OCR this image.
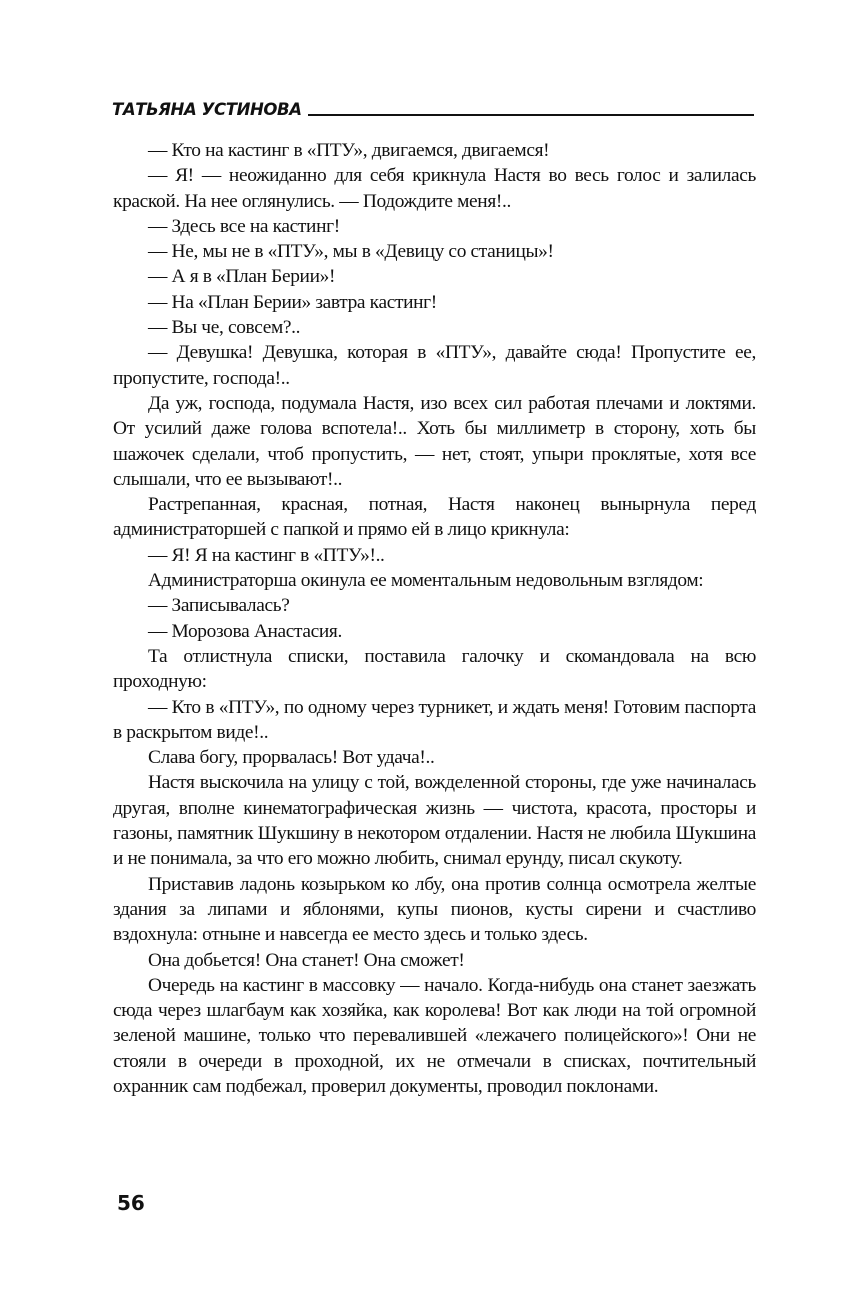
ТАТЬЯНА УСТИНОВА

— Кто на кастинг в «ПТУ», двигаемся, двигаемся!

— Я! — неожиданно для себя крикнула Настя во весь голос и залилась краской. На нее оглянулись. — Подождите меня!..

— Здесь все на кастинг!

— Не, мы не в «ПТУ», мы в «Девицу со станицы»!

— А я в «План Берии»!

— На «План Берии» завтра кастинг!

— Вы че, совсем?..

— Девушка! Девушка, которая в «ПТУ», давайте сюда! Пропустите ее, пропустите, господа!..

Да уж, господа, подумала Настя, изо всех сил работая плечами и локтями. От усилий даже голова вспотела!.. Хоть бы миллиметр в сторону, хоть бы шажочек сделали, чтоб пропустить, — нет, стоят, упыри проклятые, хотя все слышали, что ее вызывают!..

Растрепанная, красная, потная, Настя наконец вынырнула перед администраторшей с папкой и прямо ей в лицо крикнула:

— Я! Я на кастинг в «ПТУ»!..

Администраторша окинула ее моментальным недовольным взглядом:

— Записывалась?

— Морозова Анастасия.

Та отлистнула списки, поставила галочку и скомандовала на всю проходную:

— Кто в «ПТУ», по одному через турникет, и ждать меня! Готовим паспорта в раскрытом виде!..

Слава богу, прорвалась! Вот удача!..

Настя выскочила на улицу с той, вожделенной стороны, где уже начиналась другая, вполне кинематографическая жизнь — чистота, красота, просторы и газоны, памятник Шукшину в некотором отдалении. Настя не любила Шукшина и не понимала, за что его можно любить, снимал ерунду, писал скукоту.

Приставив ладонь козырьком ко лбу, она против солнца осмотрела желтые здания за липами и яблонями, купы пионов, кусты сирени и счастливо вздохнула: отныне и навсегда ее место здесь и только здесь.

Она добьется! Она станет! Она сможет!

Очередь на кастинг в массовку — начало. Когда-нибудь она станет заезжать сюда через шлагбаум как хозяйка, как королева! Вот как люди на той огромной зеленой машине, только что перевалившей «лежачего полицейского»! Они не стояли в очереди в проходной, их не отмечали в списках, почтительный охранник сам подбежал, проверил документы, проводил поклонами.

56
